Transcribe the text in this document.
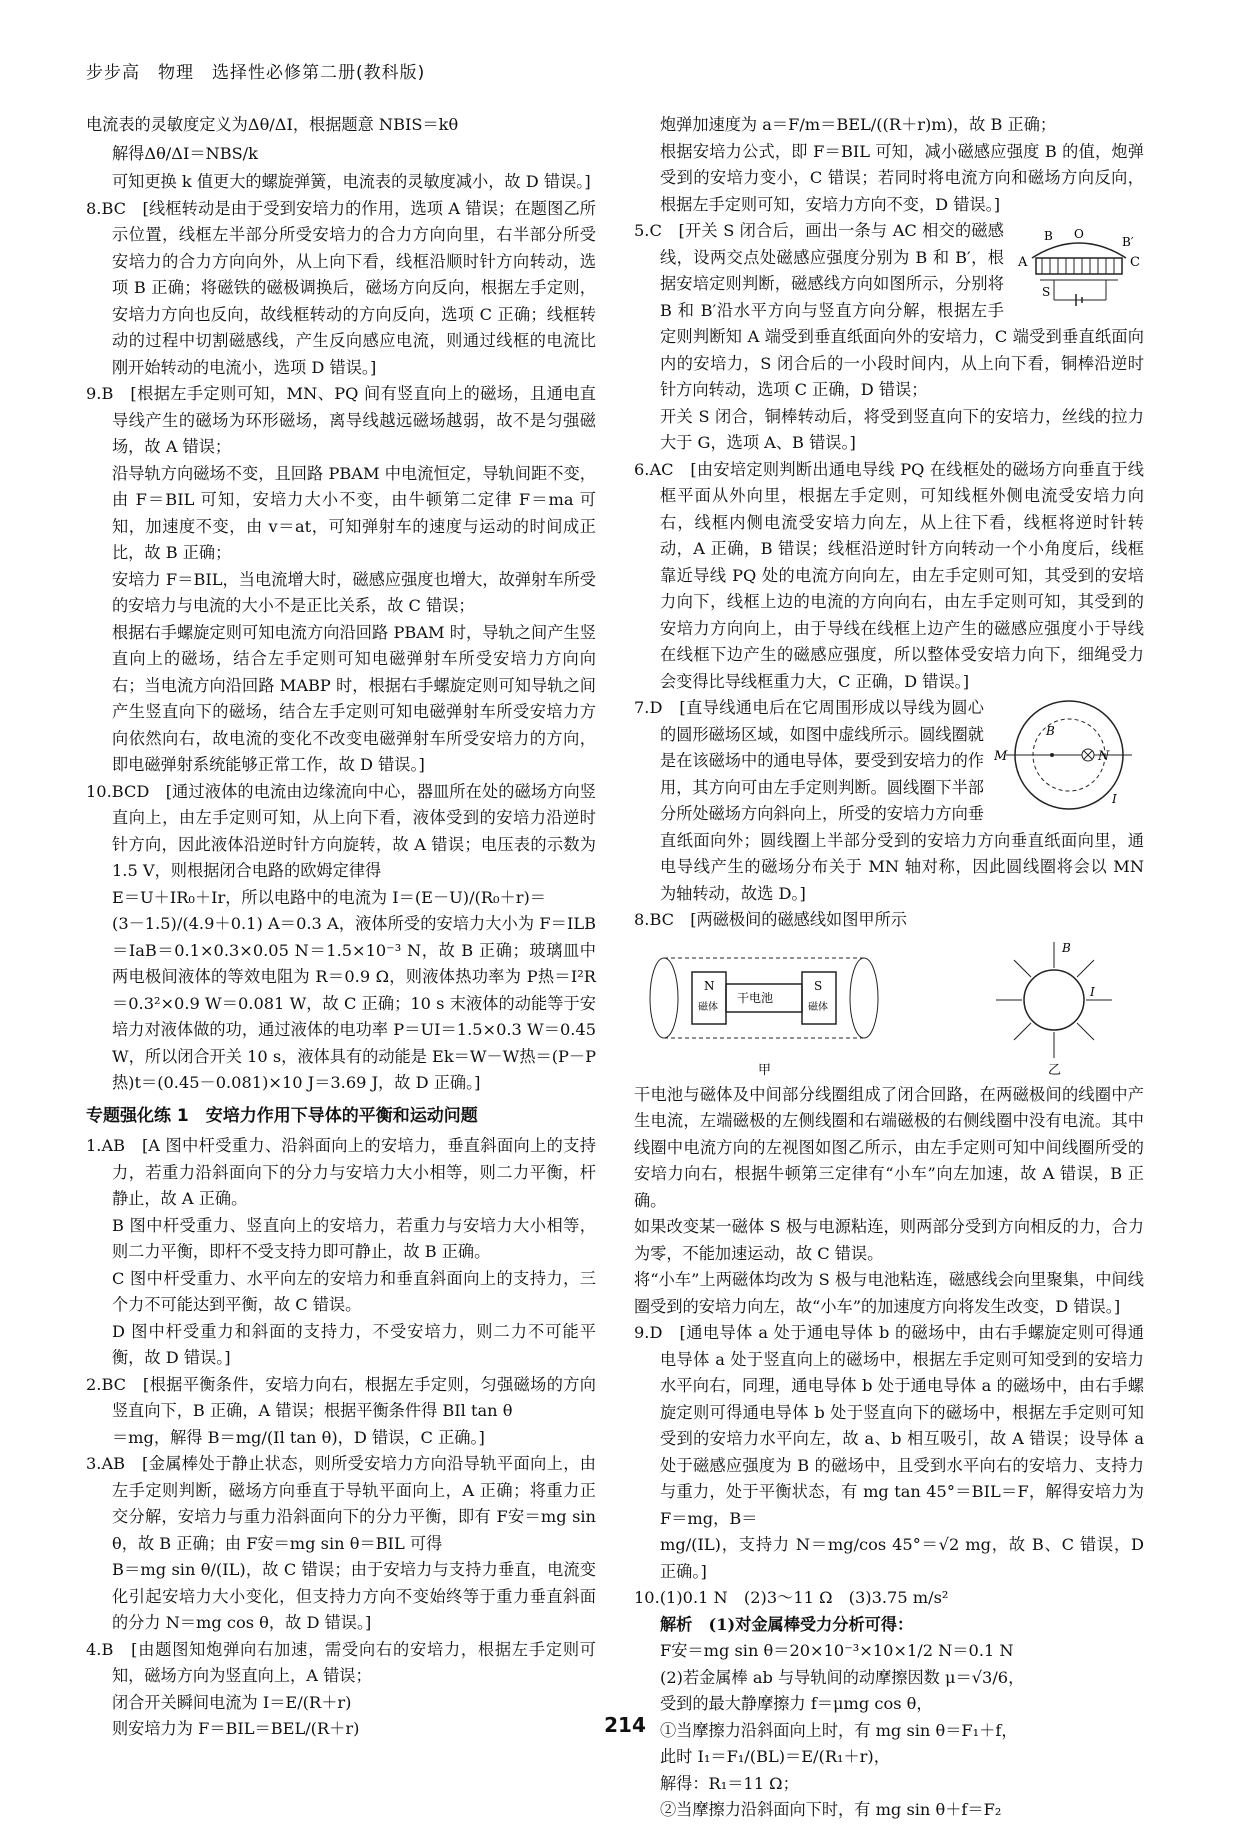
步步高　物理　选择性必修第二册(教科版)

电流表的灵敏度定义为Δθ/ΔI，根据题意 NBIS＝kθ

解得Δθ/ΔI＝NBS/k

可知更换 k 值更大的螺旋弹簧，电流表的灵敏度减小，故 D 错误。]

8.BC　[线框转动是由于受到安培力的作用，选项 A 错误；在题图乙所示位置，线框左半部分所受安培力的合力方向向里，右半部分所受安培力的合力方向向外，从上向下看，线框沿顺时针方向转动，选项 B 正确；将磁铁的磁极调换后，磁场方向反向，根据左手定则，安培力方向也反向，故线框转动的方向反向，选项 C 正确；线框转动的过程中切割磁感线，产生反向感应电流，则通过线框的电流比刚开始转动的电流小，选项 D 错误。]

9.B　[根据左手定则可知，MN、PQ 间有竖直向上的磁场，且通电直导线产生的磁场为环形磁场，离导线越远磁场越弱，故不是匀强磁场，故 A 错误；

沿导轨方向磁场不变，且回路 PBAM 中电流恒定，导轨间距不变，由 F＝BIL 可知，安培力大小不变，由牛顿第二定律 F＝ma 可知，加速度不变，由 v＝at，可知弹射车的速度与运动的时间成正比，故 B 正确；

安培力 F＝BIL，当电流增大时，磁感应强度也增大，故弹射车所受的安培力与电流的大小不是正比关系，故 C 错误；

根据右手螺旋定则可知电流方向沿回路 PBAM 时，导轨之间产生竖直向上的磁场，结合左手定则可知电磁弹射车所受安培力方向向右；当电流方向沿回路 MABP 时，根据右手螺旋定则可知导轨之间产生竖直向下的磁场，结合左手定则可知电磁弹射车所受安培力方向依然向右，故电流的变化不改变电磁弹射车所受安培力的方向，即电磁弹射系统能够正常工作，故 D 错误。]

10.BCD　[通过液体的电流由边缘流向中心，器皿所在处的磁场方向竖直向上，由左手定则可知，从上向下看，液体受到的安培力沿逆时针方向，因此液体沿逆时针方向旋转，故 A 错误；电压表的示数为 1.5 V，则根据闭合电路的欧姆定律得

E＝U＋IR₀＋Ir，所以电路中的电流为 I＝(E－U)/(R₀＋r)＝

(3－1.5)/(4.9＋0.1) A＝0.3 A，液体所受的安培力大小为 F＝ILB＝IaB＝0.1×0.3×0.05 N＝1.5×10⁻³ N，故 B 正确；玻璃皿中两电极间液体的等效电阻为 R＝0.9 Ω，则液体热功率为 P热＝I²R＝0.3²×0.9 W＝0.081 W，故 C 正确；10 s 末液体的动能等于安培力对液体做的功，通过液体的电功率 P＝UI＝1.5×0.3 W＝0.45 W，所以闭合开关 10 s，液体具有的动能是 Ek＝W－W热＝(P－P热)t＝(0.45－0.081)×10 J＝3.69 J，故 D 正确。]

专题强化练 1　安培力作用下导体的平衡和运动问题

1.AB　[A 图中杆受重力、沿斜面向上的安培力，垂直斜面向上的支持力，若重力沿斜面向下的分力与安培力大小相等，则二力平衡，杆静止，故 A 正确。

B 图中杆受重力、竖直向上的安培力，若重力与安培力大小相等，则二力平衡，即杆不受支持力即可静止，故 B 正确。

C 图中杆受重力、水平向左的安培力和垂直斜面向上的支持力，三个力不可能达到平衡，故 C 错误。

D 图中杆受重力和斜面的支持力，不受安培力，则二力不可能平衡，故 D 错误。]

2.BC　[根据平衡条件，安培力向右，根据左手定则，匀强磁场的方向竖直向下，B 正确，A 错误；根据平衡条件得 BIl tan θ

＝mg，解得 B＝mg/(Il tan θ)，D 错误，C 正确。]

3.AB　[金属棒处于静止状态，则所受安培力方向沿导轨平面向上，由左手定则判断，磁场方向垂直于导轨平面向上，A 正确；将重力正交分解，安培力与重力沿斜面向下的分力平衡，即有 F安＝mg sin θ，故 B 正确；由 F安＝mg sin θ＝BIL 可得

B＝mg sin θ/(IL)，故 C 错误；由于安培力与支持力垂直，电流变化引起安培力大小变化，但支持力方向不变始终等于重力垂直斜面的分力 N＝mg cos θ，故 D 错误。]

4.B　[由题图知炮弹向右加速，需受向右的安培力，根据左手定则可知，磁场方向为竖直向上，A 错误；

闭合开关瞬间电流为 I＝E/(R＋r)

则安培力为 F＝BIL＝BEL/(R＋r)

炮弹加速度为 a＝F/m＝BEL/((R＋r)m)，故 B 正确；

根据安培力公式，即 F＝BIL 可知，减小磁感应强度 B 的值，炮弹受到的安培力变小，C 错误；若同时将电流方向和磁场方向反向，根据左手定则可知，安培力方向不变，D 错误。]

A
B	B′
C
O
S

5.C　[开关 S 闭合后，画出一条与 AC 相交的磁感线，设两交点处磁感应强度分别为 B 和 B′，根据安培定则判断，磁感线方向如图所示，分别将 B 和 B′沿水平方向与竖直方向分解，根据左手定则判断知 A 端受到垂直纸面向外的安培力，C 端受到垂直纸面向内的安培力，S 闭合后的一小段时间内，从上向下看，铜棒沿逆时针方向转动，选项 C 正确，D 错误；

开关 S 闭合，铜棒转动后，将受到竖直向下的安培力，丝线的拉力大于 G，选项 A、B 错误。]

6.AC　[由安培定则判断出通电导线 PQ 在线框处的磁场方向垂直于线框平面从外向里，根据左手定则，可知线框外侧电流受安培力向右，线框内侧电流受安培力向左，从上往下看，线框将逆时针转动，A 正确，B 错误；线框沿逆时针方向转动一个小角度后，线框靠近导线 PQ 处的电流方向向左，由左手定则可知，其受到的安培力向下，线框上边的电流的方向向右，由左手定则可知，其受到的安培力方向向上，由于导线在线框上边产生的磁感应强度小于导线在线框下边产生的磁感应强度，所以整体受安培力向下，细绳受力会变得比导线框重力大，C 正确，D 错误。]

M	N
B
I

7.D　[直导线通电后在它周围形成以导线为圆心的圆形磁场区域，如图中虚线所示。圆线圈就是在该磁场中的通电导体，要受到安培力的作用，其方向可由左手定则判断。圆线圈下半部分所处磁场方向斜向上，所受的安培力方向垂直纸面向外；圆线圈上半部分受到的安培力方向垂直纸面向里，通电导线产生的磁场分布关于 MN 轴对称，因此圆线圈将会以 MN 为轴转动，故选 D。]

8.BC　[两磁极间的磁感线如图甲所示

干电池
N	S
磁体	磁体
甲
B
I
乙

干电池与磁体及中间部分线圈组成了闭合回路，在两磁极间的线圈中产生电流，左端磁极的左侧线圈和右端磁极的右侧线圈中没有电流。其中线圈中电流方向的左视图如图乙所示，由左手定则可知中间线圈所受的安培力向右，根据牛顿第三定律有“小车”向左加速，故 A 错误，B 正确。

如果改变某一磁体 S 极与电源粘连，则两部分受到方向相反的力，合力为零，不能加速运动，故 C 错误。

将“小车”上两磁体均改为 S 极与电池粘连，磁感线会向里聚集，中间线圈受到的安培力向左，故“小车”的加速度方向将发生改变，D 错误。]

9.D　[通电导体 a 处于通电导体 b 的磁场中，由右手螺旋定则可得通电导体 a 处于竖直向上的磁场中，根据左手定则可知受到的安培力水平向右，同理，通电导体 b 处于通电导体 a 的磁场中，由右手螺旋定则可得通电导体 b 处于竖直向下的磁场中，根据左手定则可知受到的安培力水平向左，故 a、b 相互吸引，故 A 错误；设导体 a 处于磁感应强度为 B 的磁场中，且受到水平向右的安培力、支持力与重力，处于平衡状态，有 mg tan 45°＝BIL＝F，解得安培力为 F＝mg，B＝

mg/(IL)，支持力 N＝mg/cos 45°＝√2 mg，故 B、C 错误，D 正确。]

10.(1)0.1 N　(2)3～11 Ω　(3)3.75 m/s²

解析　(1)对金属棒受力分析可得：

F安＝mg sin θ＝20×10⁻³×10×1/2 N＝0.1 N

(2)若金属棒 ab 与导轨间的动摩擦因数 μ＝√3/6，

受到的最大静摩擦力 f＝μmg cos θ，

①当摩擦力沿斜面向上时，有 mg sin θ＝F₁＋f，

此时 I₁＝F₁/(BL)＝E/(R₁＋r)，

解得：R₁＝11 Ω；

②当摩擦力沿斜面向下时，有 mg sin θ＋f＝F₂

214
